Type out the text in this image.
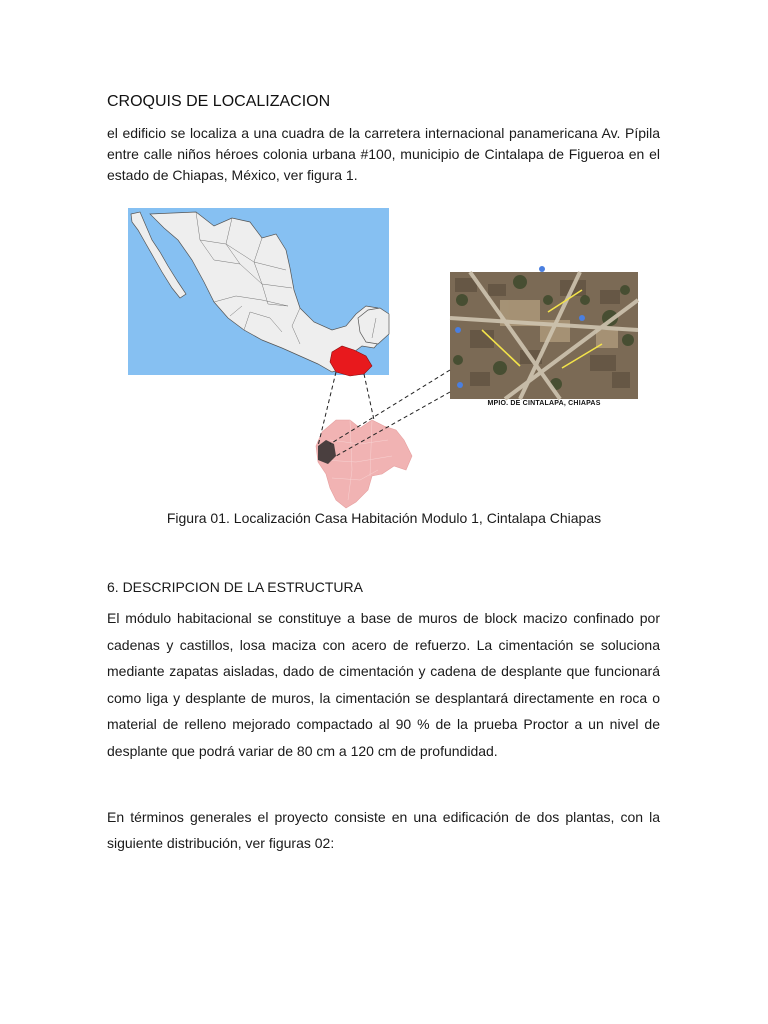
CROQUIS DE LOCALIZACION

el edificio se localiza a una cuadra de la carretera internacional panamericana Av. Pípila entre calle niños héroes colonia urbana #100, municipio de Cintalapa de Figueroa en el estado de Chiapas, México, ver figura 1.

MPIO. DE CINTALAPA, CHIAPAS

Figura 01. Localización Casa Habitación Modulo 1, Cintalapa Chiapas

6. DESCRIPCION DE LA ESTRUCTURA

El módulo habitacional se constituye a base de muros de block macizo confinado por cadenas y castillos, losa maciza con acero de refuerzo. La cimentación se soluciona mediante zapatas aisladas, dado de cimentación y cadena de desplante que funcionará como liga y desplante de muros, la cimentación se desplantará directamente en roca o material de relleno mejorado compactado al 90 % de la prueba Proctor a un nivel de desplante que podrá variar de 80 cm a 120 cm de profundidad.

En términos generales el proyecto consiste en una edificación de dos plantas, con la siguiente distribución, ver figuras 02:
